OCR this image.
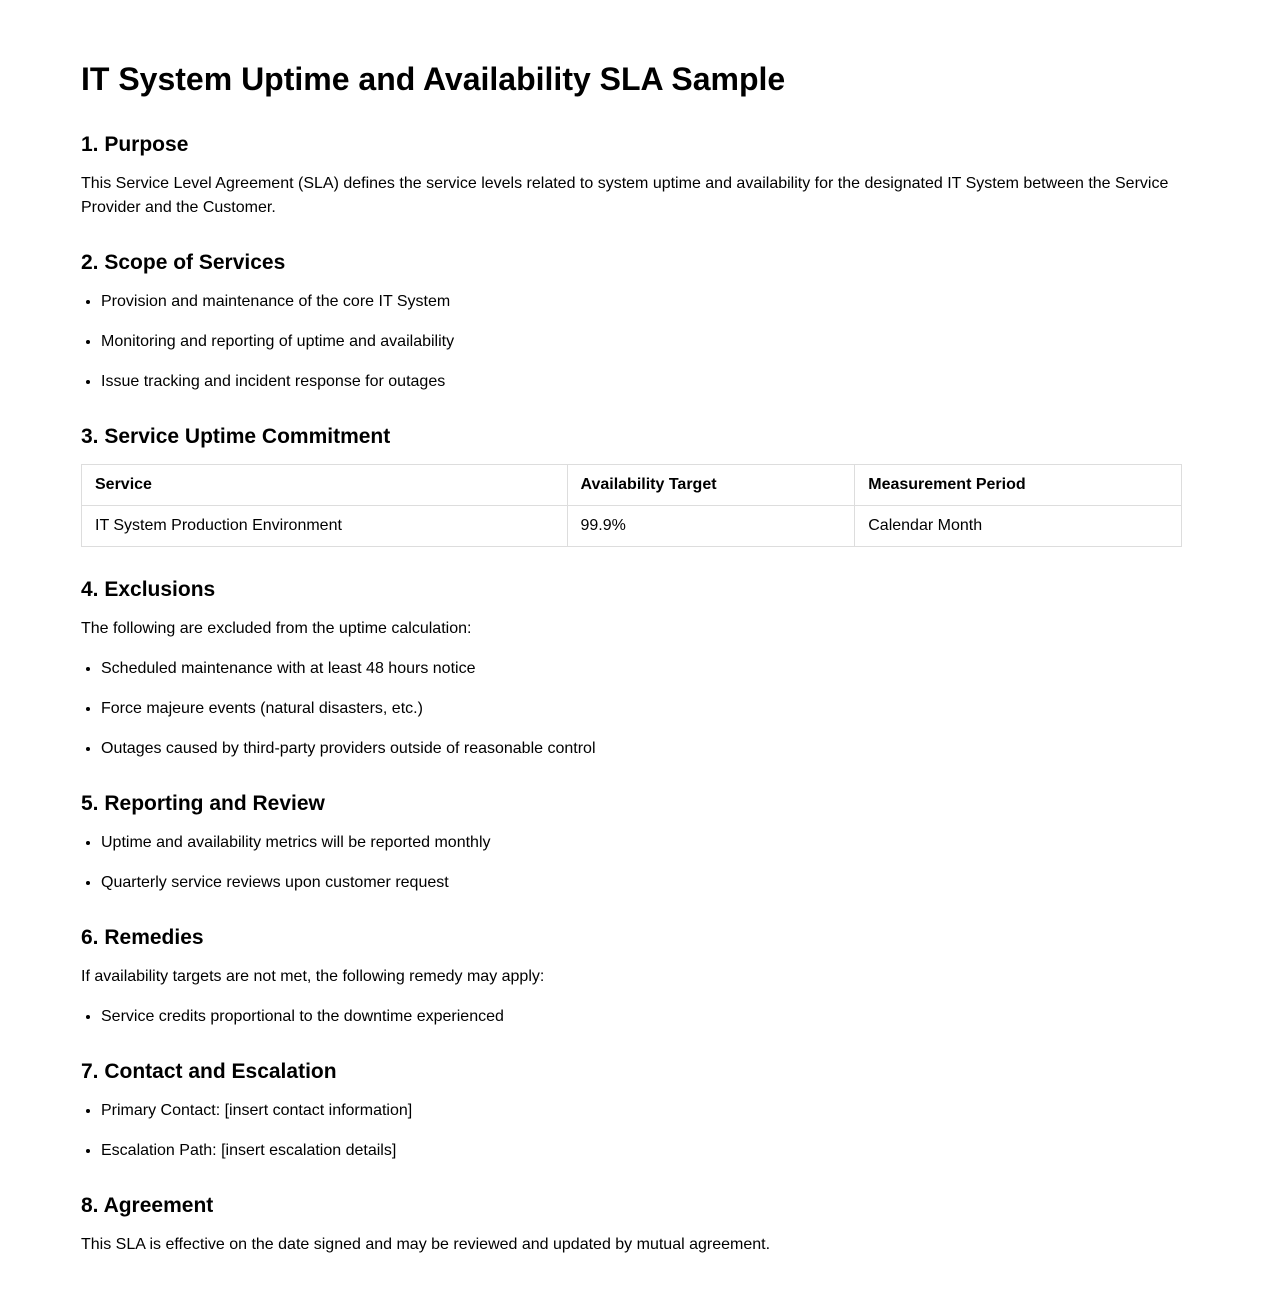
IT System Uptime and Availability SLA Sample
1. Purpose

This Service Level Agreement (SLA) defines the service levels related to system uptime and availability for the designated IT System between the Service Provider and the Customer.

2. Scope of Services
• Provision and maintenance of the core IT System
• Monitoring and reporting of uptime and availability
• Issue tracking and incident response for outages
3. Service Uptime Commitment
Service	Availability Target	Measurement Period
IT System Production Environment	99.9%	Calendar Month
4. Exclusions

The following are excluded from the uptime calculation:

• Scheduled maintenance with at least 48 hours notice
• Force majeure events (natural disasters, etc.)
• Outages caused by third-party providers outside of reasonable control
5. Reporting and Review
• Uptime and availability metrics will be reported monthly
• Quarterly service reviews upon customer request
6. Remedies

If availability targets are not met, the following remedy may apply:

• Service credits proportional to the downtime experienced
7. Contact and Escalation
• Primary Contact: [insert contact information]
• Escalation Path: [insert escalation details]
8. Agreement

This SLA is effective on the date signed and may be reviewed and updated by mutual agreement.
